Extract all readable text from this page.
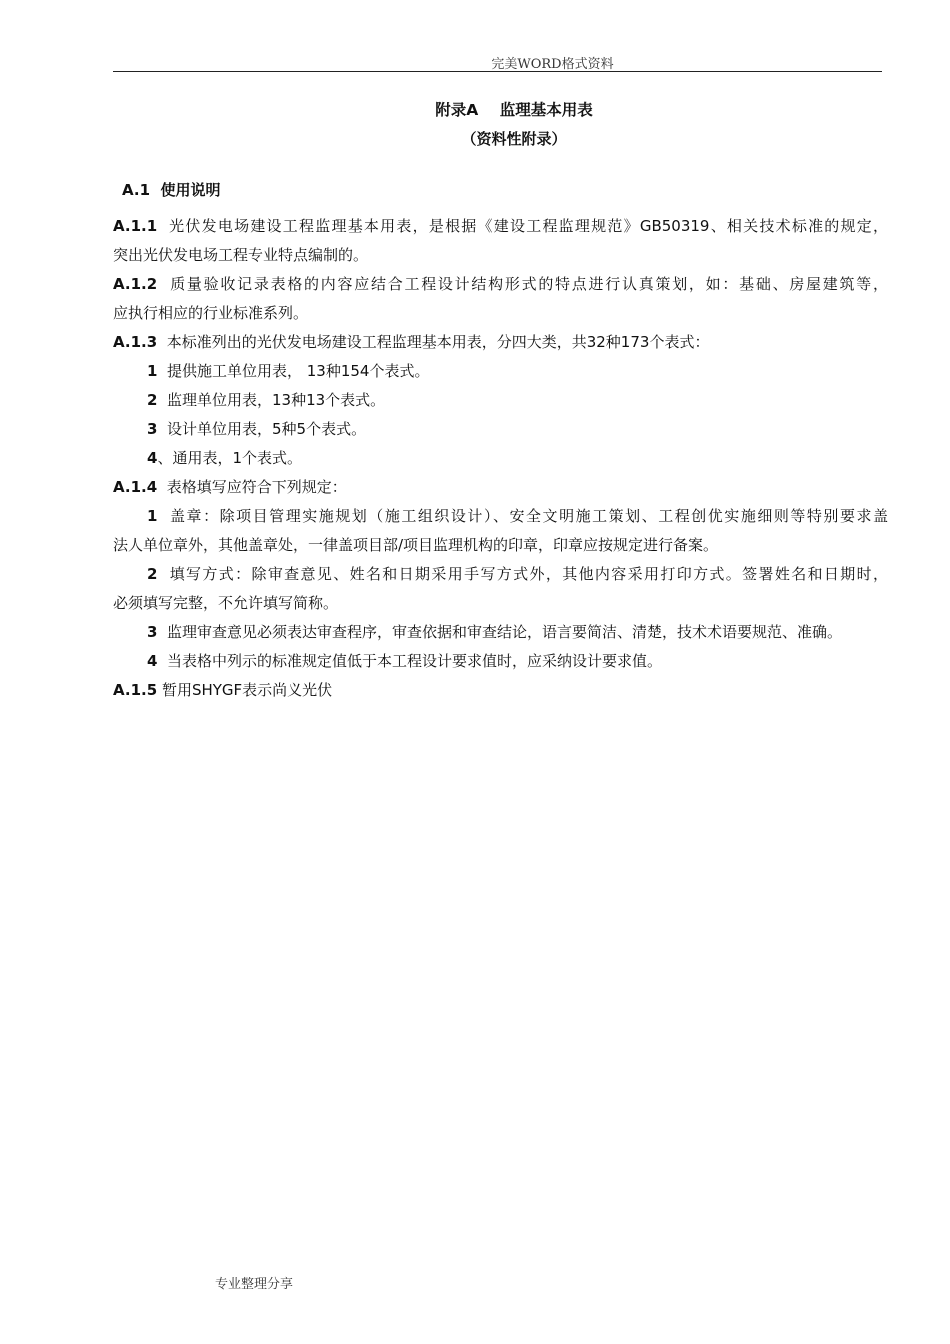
完美WORD格式资料
附录A    监理基本用表
（资料性附录）
A.1  使用说明
A.1.1 光伏发电场建设工程监理基本用表，是根据《建设工程监理规范》GB50319、相关技术标准的规定，
突出光伏发电场工程专业特点编制的。
A.1.2 质量验收记录表格的内容应结合工程设计结构形式的特点进行认真策划，如：基础、房屋建筑等，
应执行相应的行业标准系列。
A.1.3 本标准列出的光伏发电场建设工程监理基本用表，分四大类，共32种173个表式：
1 提供施工单位用表， 13种154个表式。
2 监理单位用表，13种13个表式。
3 设计单位用表，5种5个表式。
4、通用表，1个表式。
A.1.4 表格填写应符合下列规定：
1 盖章：除项目管理实施规划（施工组织设计）、安全文明施工策划、工程创优实施细则等特别要求盖
法人单位章外，其他盖章处，一律盖项目部/项目监理机构的印章，印章应按规定进行备案。
2 填写方式：除审查意见、姓名和日期采用手写方式外，其他内容采用打印方式。签署姓名和日期时，
必须填写完整，不允许填写简称。
3 监理审查意见必须表达审查程序，审查依据和审查结论，语言要简洁、清楚，技术术语要规范、准确。
4 当表格中列示的标准规定值低于本工程设计要求值时，应采纳设计要求值。
A.1.5 暂用SHYGF表示尚义光伏
专业整理分享
